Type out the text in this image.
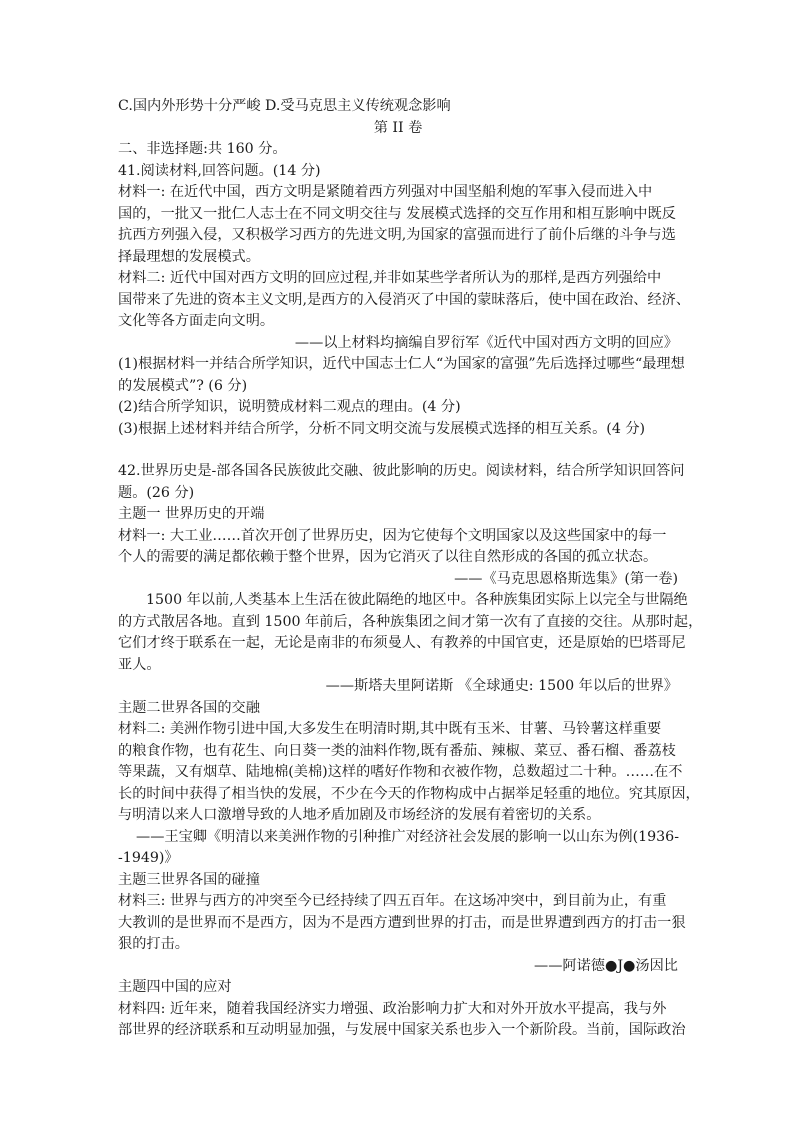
C.国内外形势十分严峻 D.受马克思主义传统观念影响

第 II 卷

二、非选择题:共 160 分。

41.阅读材料,回答问题。(14 分)

材料一: 在近代中国，西方文明是紧随着西方列强对中国坚船利炮的军事入侵而进入中

国的，一批又一批仁人志士在不同文明交往与 发展模式选择的交互作用和相互影响中既反

抗西方列强入侵，又积极学习西方的先进文明,为国家的富强而进行了前仆后继的斗争与选

择最理想的发展模式。

材料二: 近代中国对西方文明的回应过程,并非如某些学者所认为的那样,是西方列强给中

国带来了先进的资本主义文明,是西方的入侵消灭了中国的蒙昧落后，使中国在政治、经济、

文化等各方面走向文明。

——以上材料均摘编自罗衍军《近代中国对西方文明的回应》

(1)根据材料一并结合所学知识，近代中国志士仁人“为国家的富强”先后选择过哪些“最理想

的发展模式”? (6 分)

(2)结合所学知识，说明赞成材料二观点的理由。(4 分)

(3)根据上述材料并结合所学，分析不同文明交流与发展模式选择的相互关系。(4 分)

42.世界历史是-部各国各民族彼此交融、彼此影响的历史。阅读材料，结合所学知识回答问

题。(26 分)

主题一 世界历史的开端

材料一: 大工业……首次开创了世界历史，因为它使每个文明国家以及这些国家中的每一

个人的需要的满足都依赖于整个世界，因为它消灭了以往自然形成的各国的孤立状态。

——《马克思恩格斯选集》(第一卷)

1500 年以前,人类基本上生活在彼此隔绝的地区中。各种族集团实际上以完全与世隔绝

的方式散居各地。直到 1500 年前后，各种族集团之间才第一次有了直接的交往。从那时起，

它们才终于联系在一起，无论是南非的布须曼人、有教养的中国官吏，还是原始的巴塔哥尼

亚人。

——斯塔夫里阿诺斯 《全球通史: 1500 年以后的世界》

主题二世界各国的交融

材料二: 美洲作物引进中国,大多发生在明清时期,其中既有玉米、甘薯、马铃薯这样重要

的粮食作物，也有花生、向日葵一类的油料作物,既有番茄、辣椒、菜豆、番石榴、番荔枝

等果蔬，又有烟草、陆地棉(美棉)这样的嗜好作物和衣被作物，总数超过二十种。……在不

长的时间中获得了相当快的发展，不少在今天的作物构成中占据举足轻重的地位。究其原因，

与明清以来人口激增导致的人地矛盾加剧及市场经济的发展有着密切的关系。

——王宝卿《明清以来美洲作物的引种推广对经济社会发展的影响一以山东为例(1936-

-1949)》

主题三世界各国的碰撞

材料三: 世界与西方的冲突至今已经持续了四五百年。在这场冲突中，到目前为止，有重

大教训的是世界而不是西方，因为不是西方遭到世界的打击，而是世界遭到西方的打击一狠

狠的打击。

——阿诺德●J●汤因比

主题四中国的应对

材料四: 近年来，随着我国经济实力增强、政治影响力扩大和对外开放水平提高，我与外

部世界的经济联系和互动明显加强，与发展中国家关系也步入一个新阶段。当前，国际政治
